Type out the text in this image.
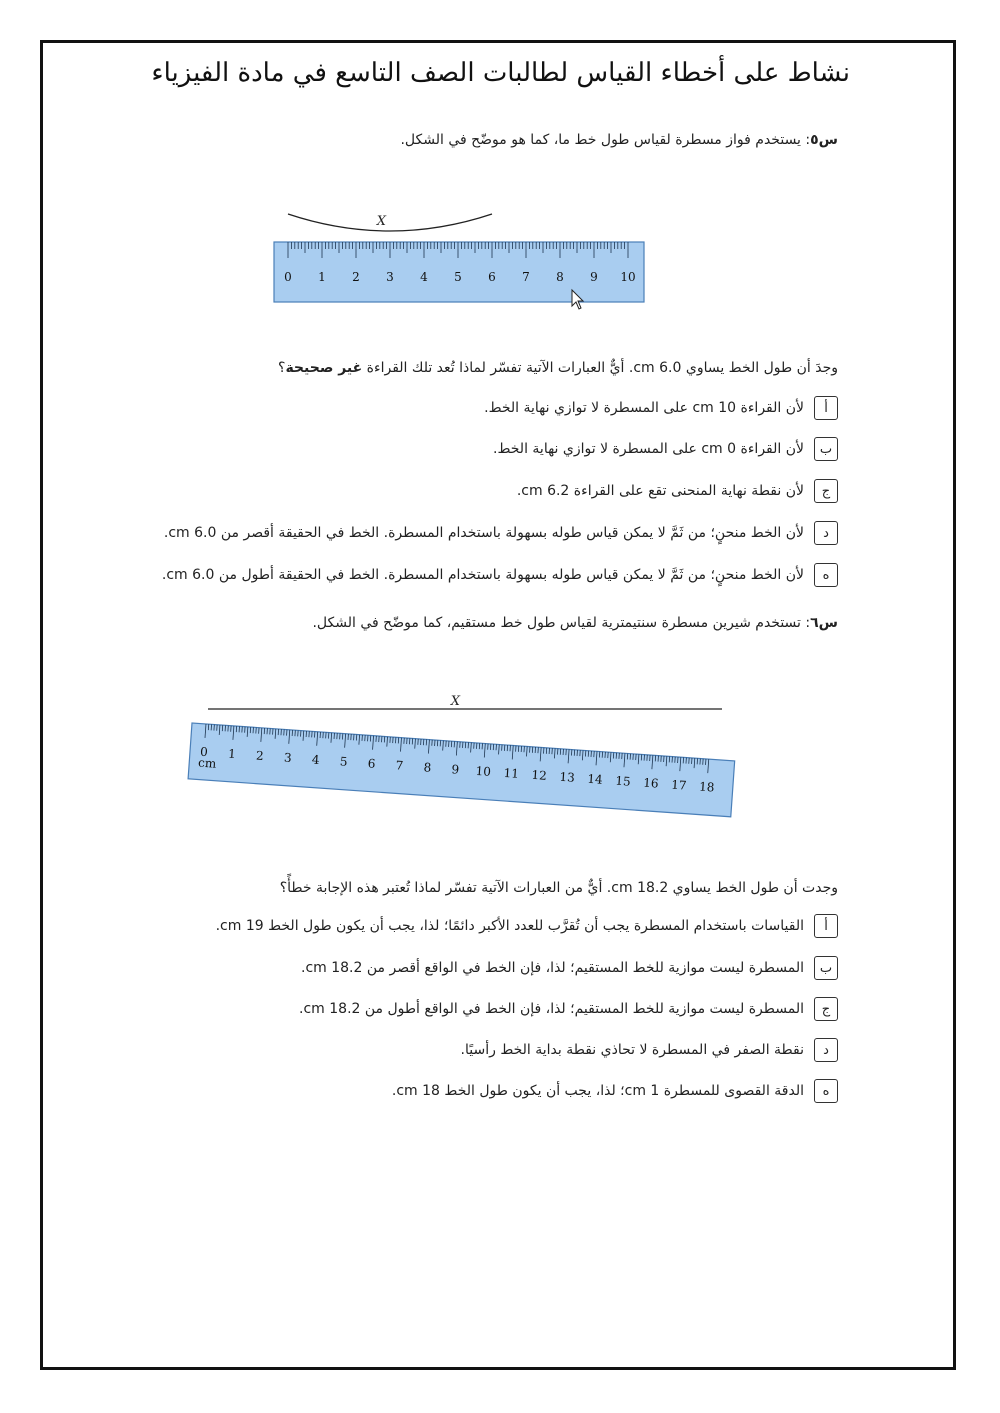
نشاط على أخطاء القياس لطالبات الصف التاسع في مادة الفيزياء
س٥: يستخدم فواز مسطرة لقياس طول خط ما، كما هو موضّح في الشكل.
X
0 1 2 3 4 5 6 7 8 9 10
وجدَ أن طول الخط يساوي 6.0 cm. أيٌّ العبارات الآتية تفسّر لماذا تُعد تلك القراءة غير صحيحة؟
أ
لأن القراءة 10 cm على المسطرة لا توازي نهاية الخط.
ب
لأن القراءة 0 cm على المسطرة لا توازي نهاية الخط.
ج
لأن نقطة نهاية المنحنى تقع على القراءة 6.2 cm.
د
لأن الخط منحنٍ؛ من ثَمَّ لا يمكن قياس طوله بسهولة باستخدام المسطرة. الخط في الحقيقة أقصر من 6.0 cm.
ه
لأن الخط منحنٍ؛ من ثَمَّ لا يمكن قياس طوله بسهولة باستخدام المسطرة. الخط في الحقيقة أطول من 6.0 cm.
س٦: تستخدم شيرين مسطرة سنتيمترية لقياس طول خط مستقيم، كما موضّح في الشكل.
X
0 1 2 3 4 5 6 7 8 9 10 11 12 13 14 15 16 17 18
cm
وجدت أن طول الخط يساوي 18.2 cm. أيٌّ من العبارات الآتية تفسّر لماذا تُعتبر هذه الإجابة خطأً؟
أ
القياسات باستخدام المسطرة يجب أن تُقرَّب للعدد الأكبر دائمًا؛ لذا، يجب أن يكون طول الخط 19 cm.
ب
المسطرة ليست موازية للخط المستقيم؛ لذا، فإن الخط في الواقع أقصر من 18.2 cm.
ج
المسطرة ليست موازية للخط المستقيم؛ لذا، فإن الخط في الواقع أطول من 18.2 cm.
د
نقطة الصفر في المسطرة لا تحاذي نقطة بداية الخط رأسيًا.
ه
الدقة القصوى للمسطرة 1 cm؛ لذا، يجب أن يكون طول الخط 18 cm.
